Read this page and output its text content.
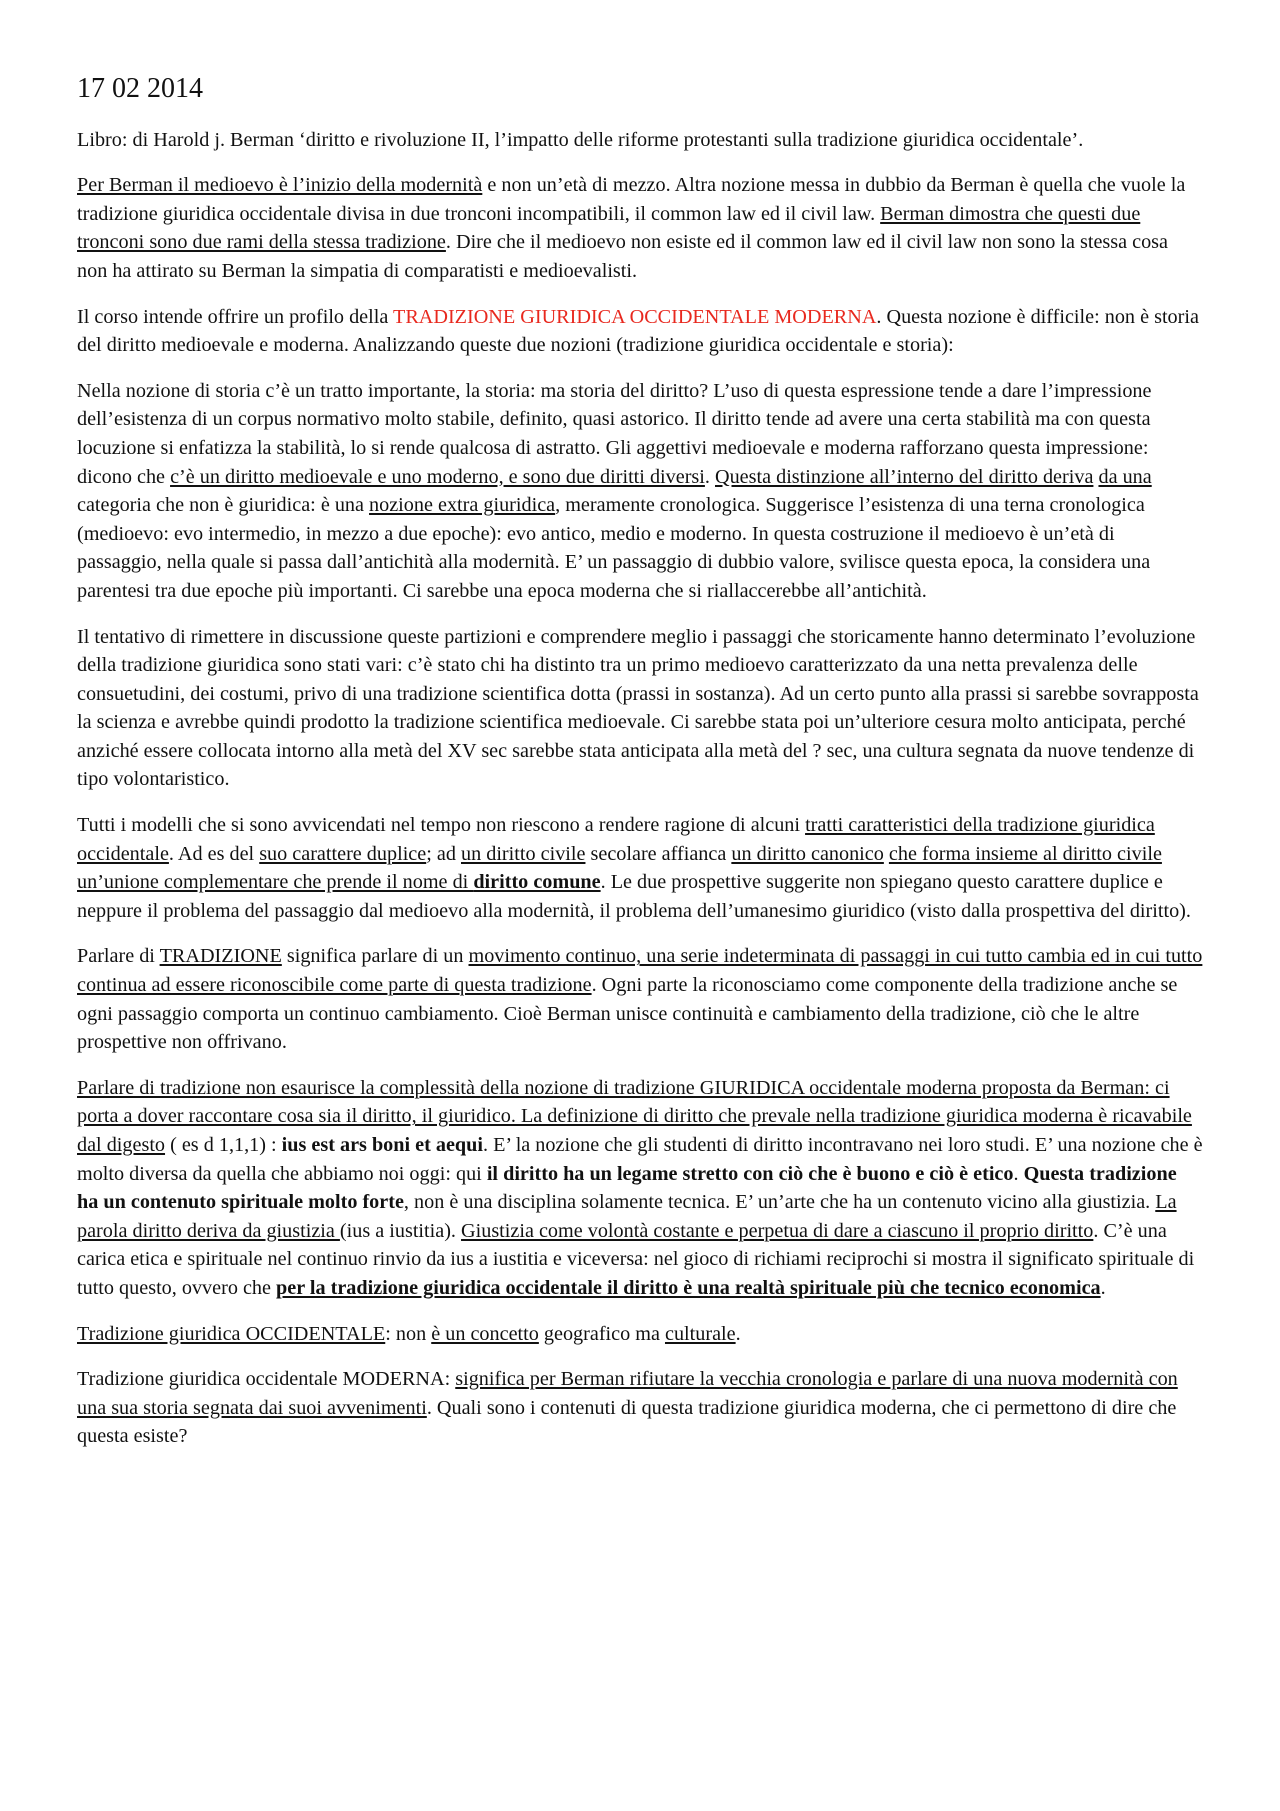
17 02 2014

Libro: di Harold j. Berman ‘diritto e rivoluzione II, l’impatto delle riforme protestanti sulla tradizione giuridica occidentale’.

Per Berman il medioevo è l’inizio della modernità e non un’età di mezzo. Altra nozione messa in dubbio da Berman è quella che vuole la tradizione giuridica occidentale divisa in due tronconi incompatibili, il common law ed il civil law. Berman dimostra che questi due tronconi sono due rami della stessa tradizione. Dire che il medioevo non esiste ed il common law ed il civil law non sono la stessa cosa non ha attirato su Berman la simpatia di comparatisti e medioevalisti.

Il corso intende offrire un profilo della TRADIZIONE GIURIDICA OCCIDENTALE MODERNA. Questa nozione è difficile: non è storia del diritto medioevale e moderna. Analizzando queste due nozioni (tradizione giuridica occidentale e storia):

Nella nozione di storia c’è un tratto importante, la storia: ma storia del diritto? L’uso di questa espressione tende a dare l’impressione dell’esistenza di un corpus normativo molto stabile, definito, quasi astorico. Il diritto tende ad avere una certa stabilità ma con questa locuzione si enfatizza la stabilità, lo si rende qualcosa di astratto. Gli aggettivi medioevale e moderna rafforzano questa impressione: dicono che c’è un diritto medioevale e uno moderno, e sono due diritti diversi. Questa distinzione all’interno del diritto deriva da una categoria che non è giuridica: è una nozione extra giuridica, meramente cronologica. Suggerisce l’esistenza di una terna cronologica (medioevo: evo intermedio, in mezzo a due epoche): evo antico, medio e moderno. In questa costruzione il medioevo è un’età di passaggio, nella quale si passa dall’antichità alla modernità. E’ un passaggio di dubbio valore, svilisce questa epoca, la considera una parentesi tra due epoche più importanti. Ci sarebbe una epoca moderna che si riallaccerebbe all’antichità.

Il tentativo di rimettere in discussione queste partizioni e comprendere meglio i passaggi che storicamente hanno determinato l’evoluzione della tradizione giuridica sono stati vari: c’è stato chi ha distinto tra un primo medioevo caratterizzato da una netta prevalenza delle consuetudini, dei costumi, privo di una tradizione scientifica dotta (prassi in sostanza). Ad un certo punto alla prassi si sarebbe sovrapposta la scienza e avrebbe quindi prodotto la tradizione scientifica medioevale. Ci sarebbe stata poi un’ulteriore cesura molto anticipata, perché anziché essere collocata intorno alla metà del XV sec sarebbe stata anticipata alla metà del ? sec, una cultura segnata da nuove tendenze di tipo volontaristico.

Tutti i modelli che si sono avvicendati nel tempo non riescono a rendere ragione di alcuni tratti caratteristici della tradizione giuridica occidentale. Ad es del suo carattere duplice; ad un diritto civile secolare affianca un diritto canonico che forma insieme al diritto civile un’unione complementare che prende il nome di diritto comune. Le due prospettive suggerite non spiegano questo carattere duplice e neppure il problema del passaggio dal medioevo alla modernità, il problema dell’umanesimo giuridico (visto dalla prospettiva del diritto).

Parlare di TRADIZIONE significa parlare di un movimento continuo, una serie indeterminata di passaggi in cui tutto cambia ed in cui tutto continua ad essere riconoscibile come parte di questa tradizione. Ogni parte la riconosciamo come componente della tradizione anche se ogni passaggio comporta un continuo cambiamento. Cioè Berman unisce continuità e cambiamento della tradizione, ciò che le altre prospettive non offrivano.

Parlare di tradizione non esaurisce la complessità della nozione di tradizione GIURIDICA occidentale moderna proposta da Berman: ci porta a dover raccontare cosa sia il diritto, il giuridico. La definizione di diritto che prevale nella tradizione giuridica moderna è ricavabile dal digesto ( es d 1,1,1) : ius est ars boni et aequi. E’ la nozione che gli studenti di diritto incontravano nei loro studi. E’ una nozione che è molto diversa da quella che abbiamo noi oggi: qui il diritto ha un legame stretto con ciò che è buono e ciò è etico. Questa tradizione ha un contenuto spirituale molto forte, non è una disciplina solamente tecnica. E’ un’arte che ha un contenuto vicino alla giustizia. La parola diritto deriva da giustizia (ius a iustitia). Giustizia come volontà costante e perpetua di dare a ciascuno il proprio diritto. C’è una carica etica e spirituale nel continuo rinvio da ius a iustitia e viceversa: nel gioco di richiami reciprochi si mostra il significato spirituale di tutto questo, ovvero che per la tradizione giuridica occidentale il diritto è una realtà spirituale più che tecnico economica.

Tradizione giuridica OCCIDENTALE: non è un concetto geografico ma culturale.

Tradizione giuridica occidentale MODERNA: significa per Berman rifiutare la vecchia cronologia e parlare di una nuova modernità con una sua storia segnata dai suoi avvenimenti. Quali sono i contenuti di questa tradizione giuridica moderna, che ci permettono di dire che questa esiste?
